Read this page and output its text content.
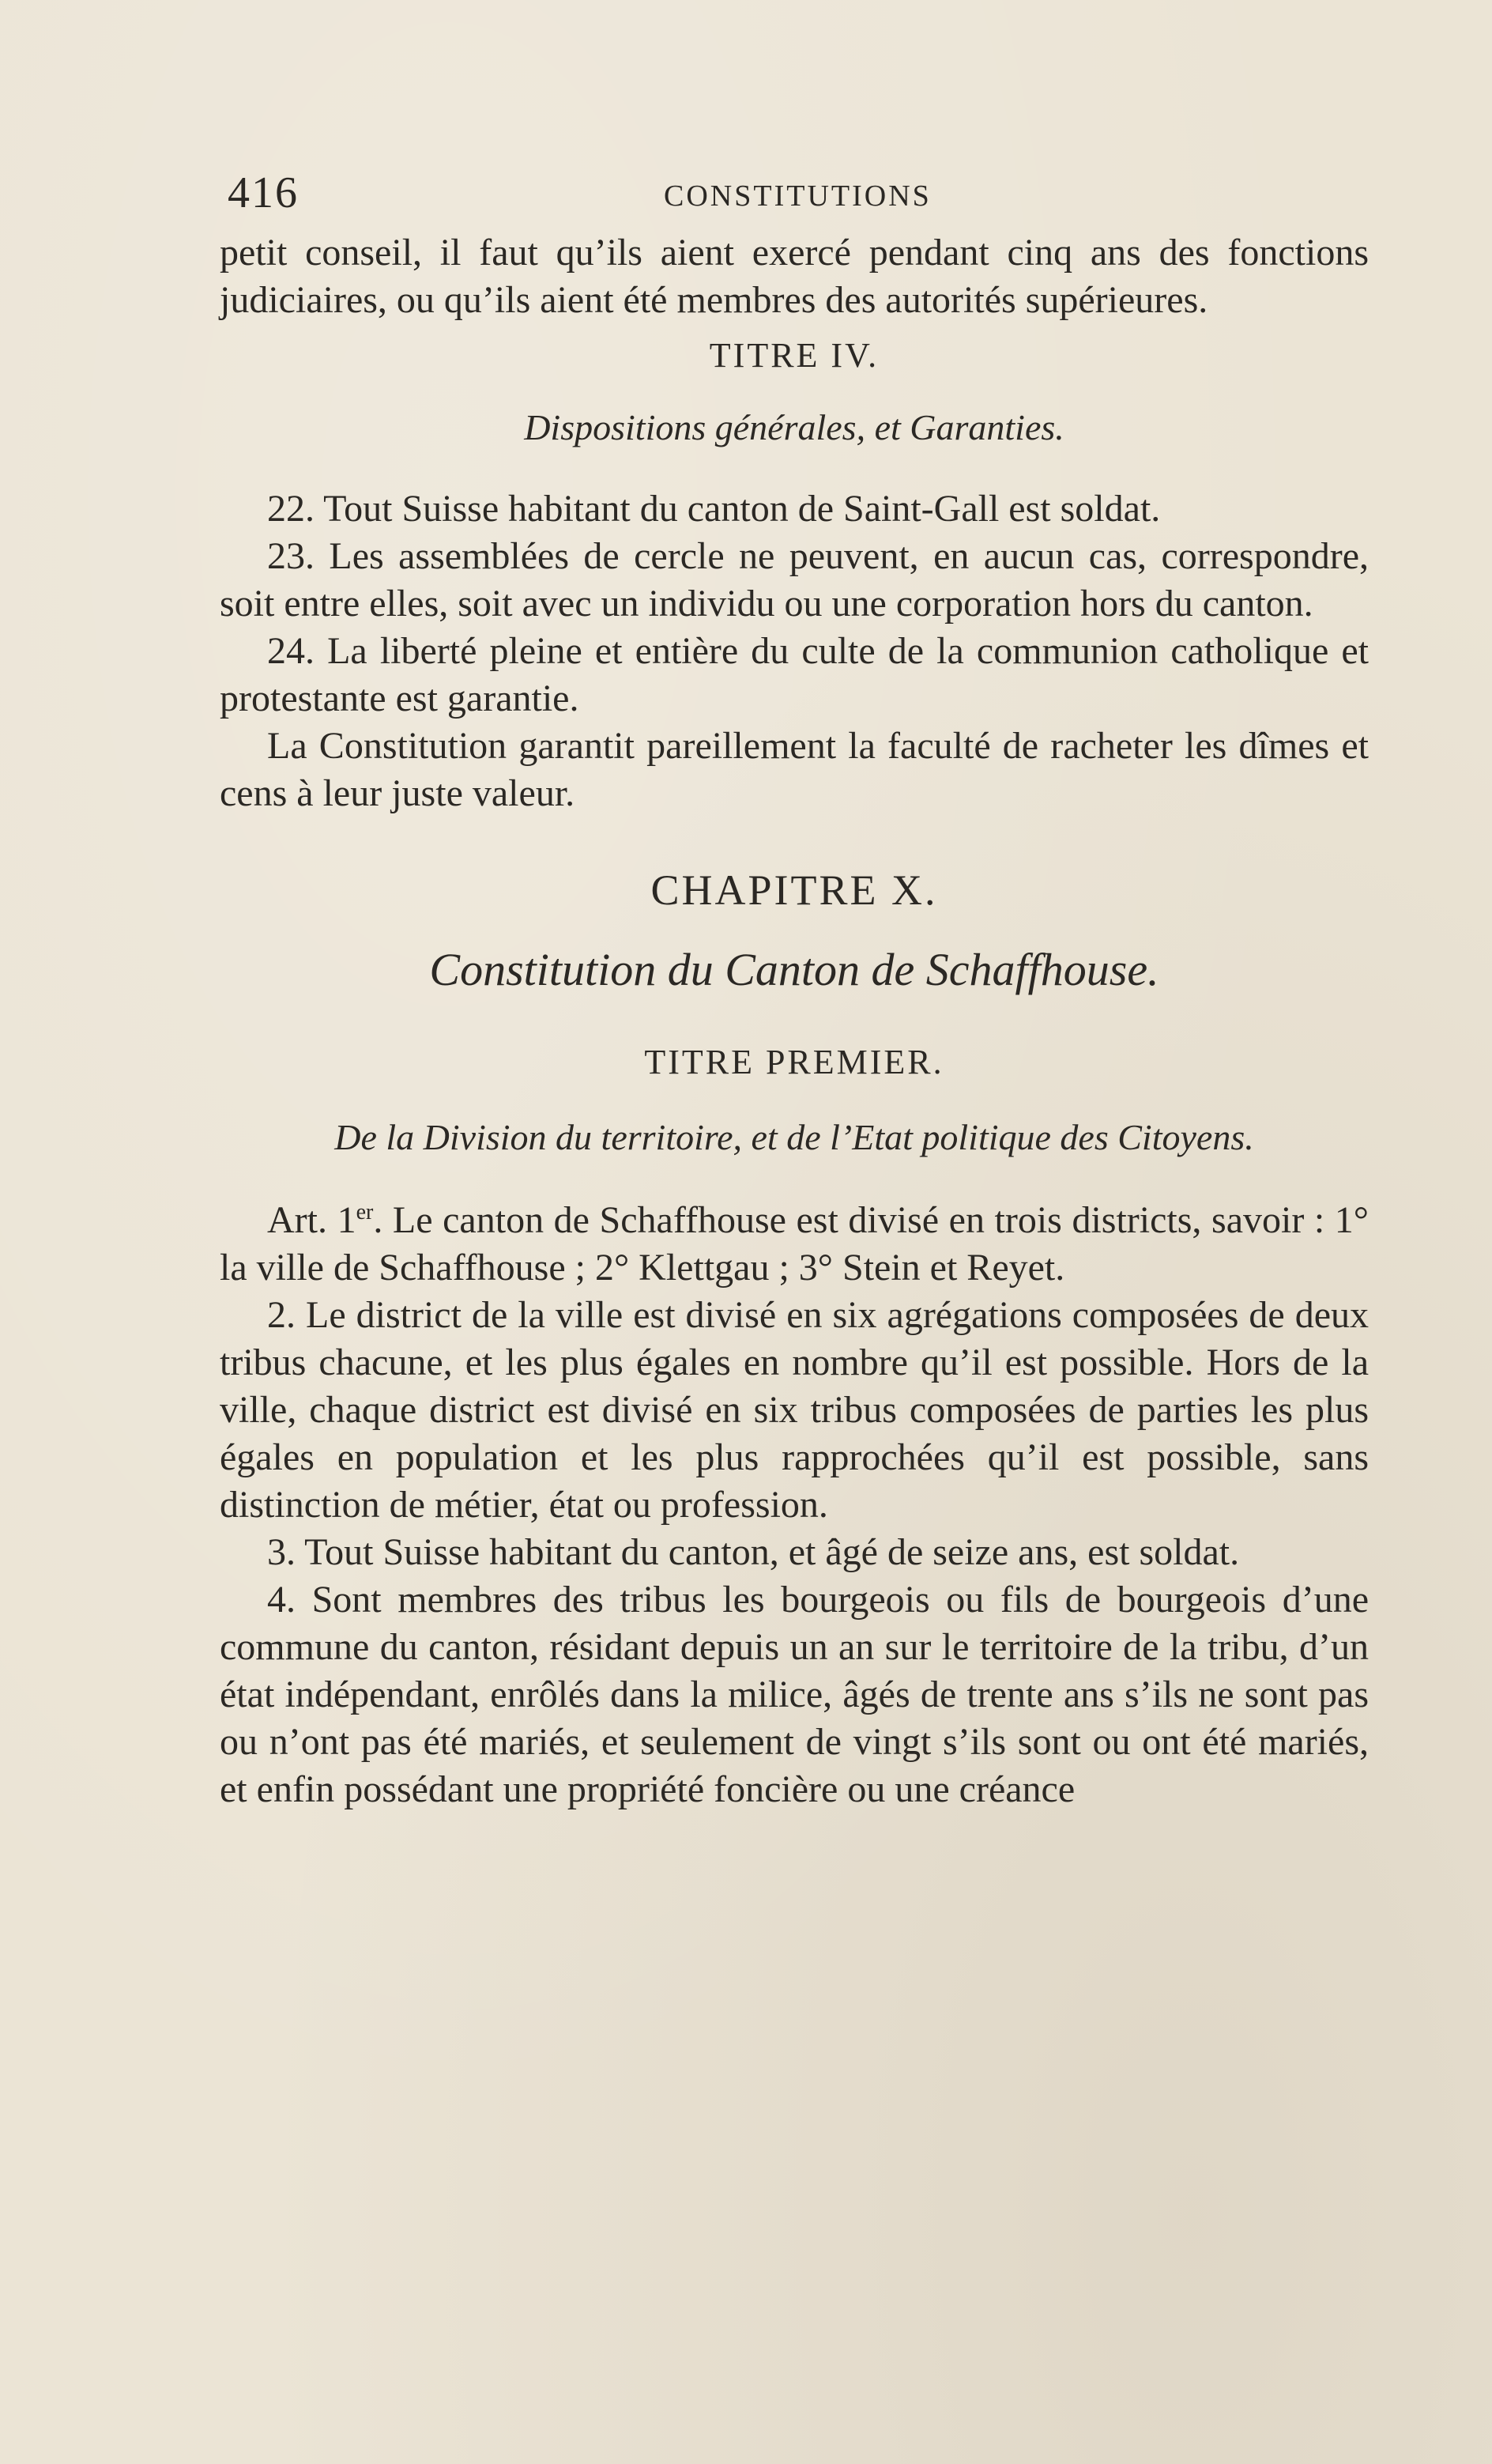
416	CONSTITUTIONS

petit conseil, il faut qu’ils aient exercé pendant cinq ans des fonctions judiciaires, ou qu’ils aient été membres des autorités supérieures.

TITRE IV.

Dispositions générales, et Garanties.

22. Tout Suisse habitant du canton de Saint-Gall est soldat.

23. Les assemblées de cercle ne peuvent, en aucun cas, correspondre, soit entre elles, soit avec un individu ou une corporation hors du canton.

24. La liberté pleine et entière du culte de la communion catholique et protestante est garantie.

La Constitution garantit pareillement la faculté de racheter les dîmes et cens à leur juste valeur.

CHAPITRE X.

Constitution du Canton de Schaffhouse.

TITRE PREMIER.

De la Division du territoire, et de l’Etat politique des Citoyens.

Art. 1er. Le canton de Schaffhouse est divisé en trois districts, savoir : 1° la ville de Schaffhouse ; 2° Klettgau ; 3° Stein et Reyet.

2. Le district de la ville est divisé en six agrégations composées de deux tribus chacune, et les plus égales en nombre qu’il est possible. Hors de la ville, chaque district est divisé en six tribus composées de parties les plus égales en population et les plus rapprochées qu’il est possible, sans distinction de métier, état ou profession.

3. Tout Suisse habitant du canton, et âgé de seize ans, est soldat.

4. Sont membres des tribus les bourgeois ou fils de bourgeois d’une commune du canton, résidant depuis un an sur le territoire de la tribu, d’un état indépendant, enrôlés dans la milice, âgés de trente ans s’ils ne sont pas ou n’ont pas été mariés, et seulement de vingt s’ils sont ou ont été mariés, et enfin possédant une propriété foncière ou une créance
